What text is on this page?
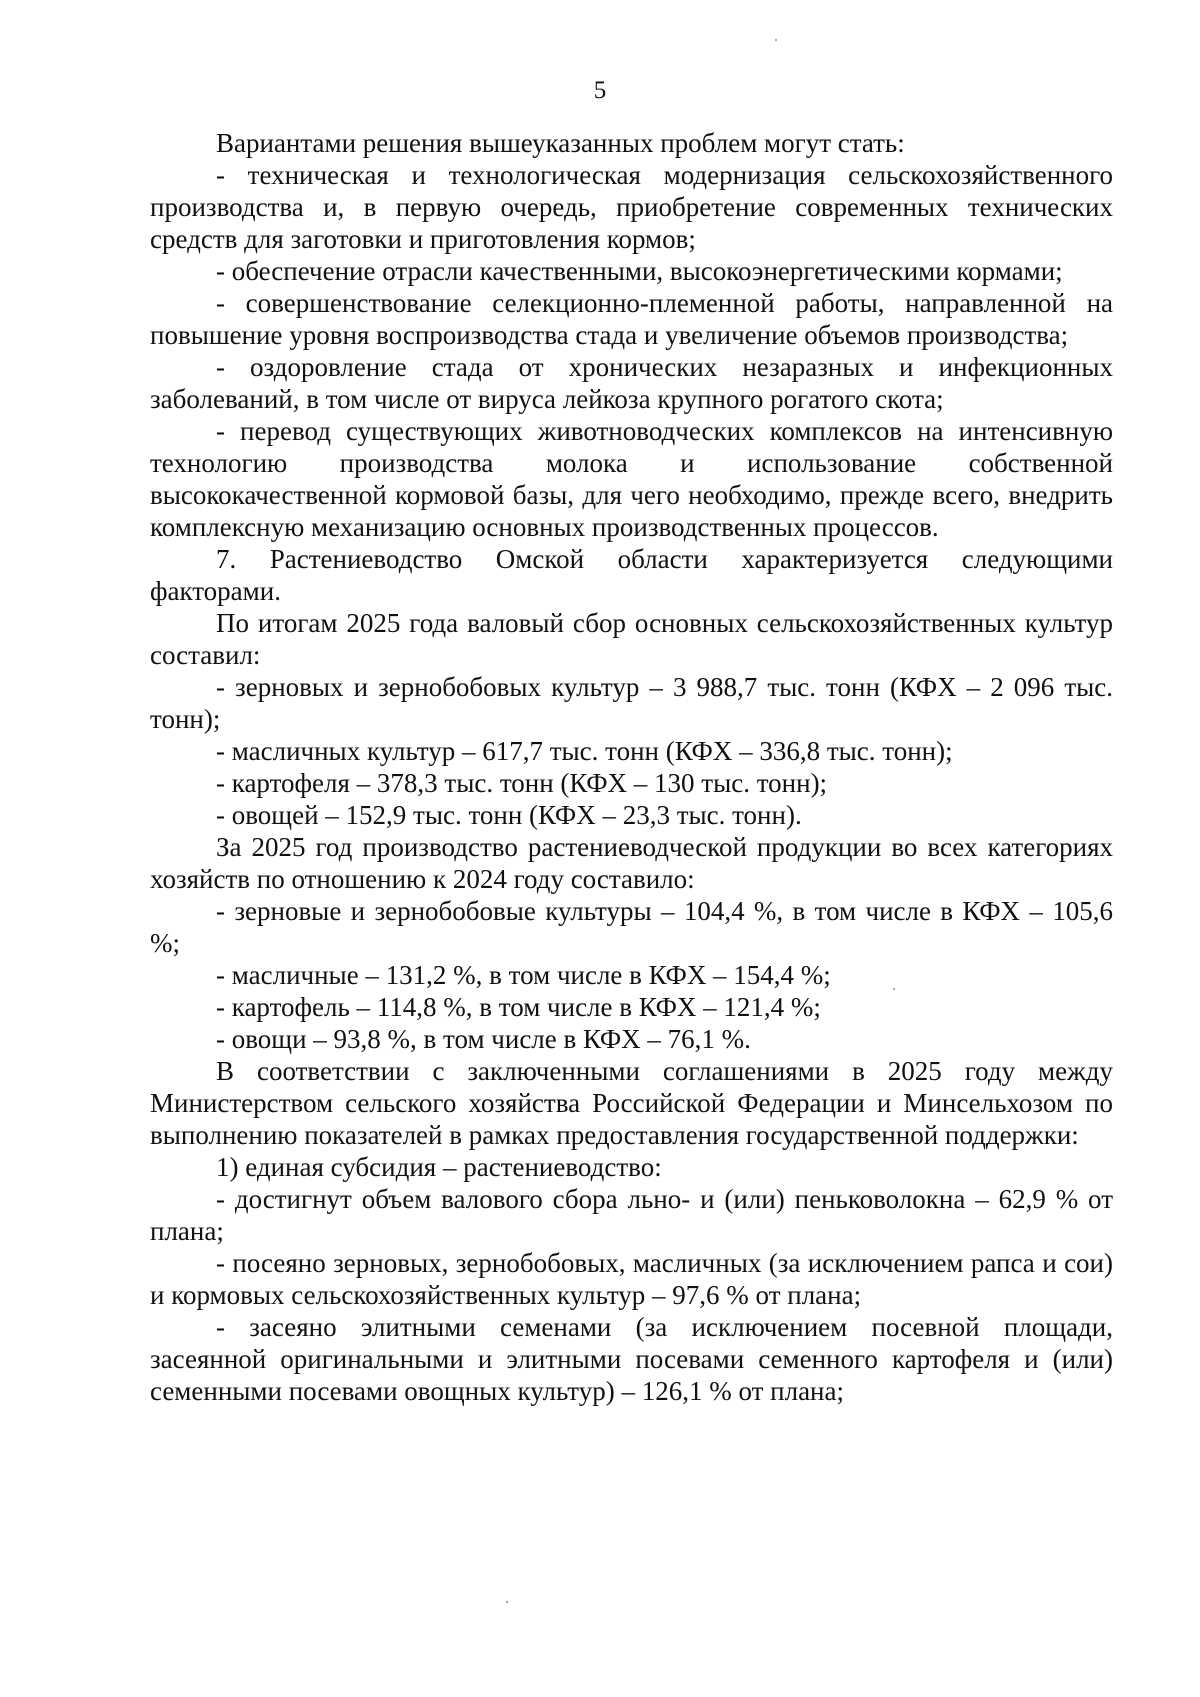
5

Вариантами решения вышеуказанных проблем могут стать:

- техническая и технологическая модернизация сельскохозяйственного производства и, в первую очередь, приобретение современных технических средств для заготовки и приготовления кормов;

- обеспечение отрасли качественными, высокоэнергетическими кормами;

- совершенствование селекционно-племенной работы, направленной на повышение уровня воспроизводства стада и увеличение объемов производства;

- оздоровление стада от хронических незаразных и инфекционных заболеваний, в том числе от вируса лейкоза крупного рогатого скота;

- перевод существующих животноводческих комплексов на интенсивную технологию производства молока и использование собственной высококачественной кормовой базы, для чего необходимо, прежде всего, внедрить комплексную механизацию основных производственных процессов.

7. Растениеводство Омской области характеризуется следующими факторами.

По итогам 2025 года валовый сбор основных сельскохозяйственных культур составил:

- зерновых и зернобобовых культур – 3 988,7 тыс. тонн (КФХ – 2 096 тыс. тонн);

- масличных культур – 617,7 тыс. тонн (КФХ – 336,8 тыс. тонн);

- картофеля – 378,3 тыс. тонн (КФХ – 130 тыс. тонн);

- овощей – 152,9 тыс. тонн (КФХ – 23,3 тыс. тонн).

За 2025 год производство растениеводческой продукции во всех категориях хозяйств по отношению к 2024 году составило:

- зерновые и зернобобовые культуры – 104,4 %, в том числе в КФХ – 105,6 %;

- масличные – 131,2 %, в том числе в КФХ – 154,4 %;

- картофель – 114,8 %, в том числе в КФХ – 121,4 %;

- овощи – 93,8 %, в том числе в КФХ – 76,1 %.

В соответствии с заключенными соглашениями в 2025 году между Министерством сельского хозяйства Российской Федерации и Минсельхозом по выполнению показателей в рамках предоставления государственной поддержки:

1) единая субсидия – растениеводство:

- достигнут объем валового сбора льно- и (или) пеньковолокна – 62,9 % от плана;

- посеяно зерновых, зернобобовых, масличных (за исключением рапса и сои) и кормовых сельскохозяйственных культур – 97,6 % от плана;

- засеяно элитными семенами (за исключением посевной площади, засеянной оригинальными и элитными посевами семенного картофеля и (или) семенными посевами овощных культур) – 126,1 % от плана;
